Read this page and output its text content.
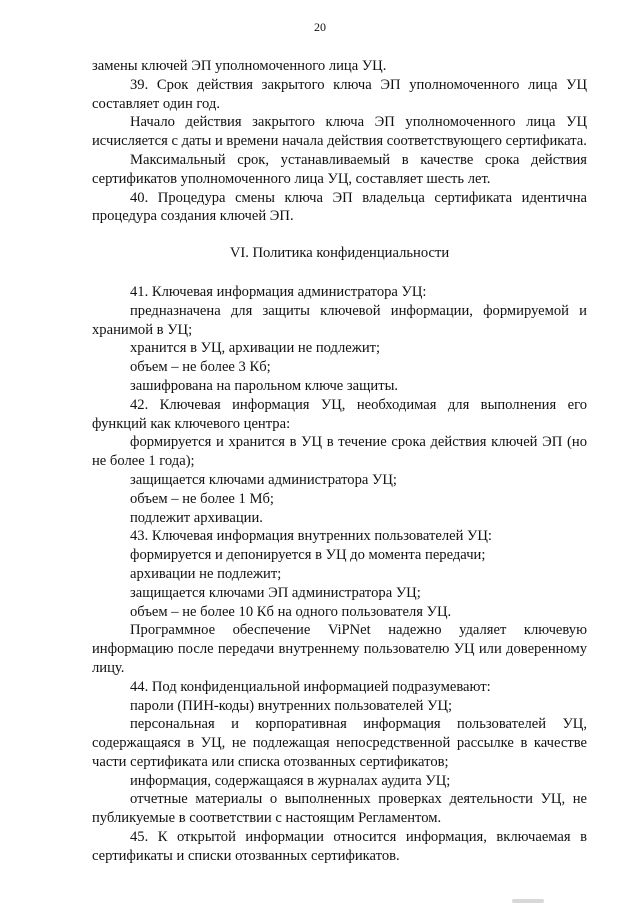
20

замены ключей ЭП уполномоченного лица УЦ.

39. Срок действия закрытого ключа ЭП уполномоченного лица УЦ составляет один год.

Начало действия закрытого ключа ЭП уполномоченного лица УЦ исчисляется с даты и времени начала действия соответствующего сертификата.

Максимальный срок, устанавливаемый в качестве срока действия сертификатов уполномоченного лица УЦ, составляет шесть лет.

40. Процедура смены ключа ЭП владельца сертификата идентична процедура создания ключей ЭП.

VI. Политика конфиденциальности

41. Ключевая информация администратора УЦ:

предназначена для защиты ключевой информации, формируемой и хранимой в УЦ;

хранится в УЦ, архивации не подлежит;

объем – не более 3 Кб;

зашифрована на парольном ключе защиты.

42. Ключевая информация УЦ, необходимая для выполнения его функций как ключевого центра:

формируется и хранится в УЦ в течение срока действия ключей ЭП (но не более 1 года);

защищается ключами администратора УЦ;

объем – не более 1 Мб;

подлежит архивации.

43. Ключевая информация внутренних пользователей УЦ:

формируется и депонируется в УЦ до момента передачи;

архивации не подлежит;

защищается ключами ЭП администратора УЦ;

объем – не более 10 Кб на одного пользователя УЦ.

Программное обеспечение ViPNet надежно удаляет ключевую информацию после передачи внутреннему пользователю УЦ или доверенному лицу.

44. Под конфиденциальной информацией подразумевают:

пароли (ПИН-коды) внутренних пользователей УЦ;

персональная и корпоративная информация пользователей УЦ, содержащаяся в УЦ, не подлежащая непосредственной рассылке в качестве части сертификата или списка отозванных сертификатов;

информация, содержащаяся в журналах аудита УЦ;

отчетные материалы о выполненных проверках деятельности УЦ, не публикуемые в соответствии с настоящим Регламентом.

45. К открытой информации относится информация, включаемая в сертификаты и списки отозванных сертификатов.
